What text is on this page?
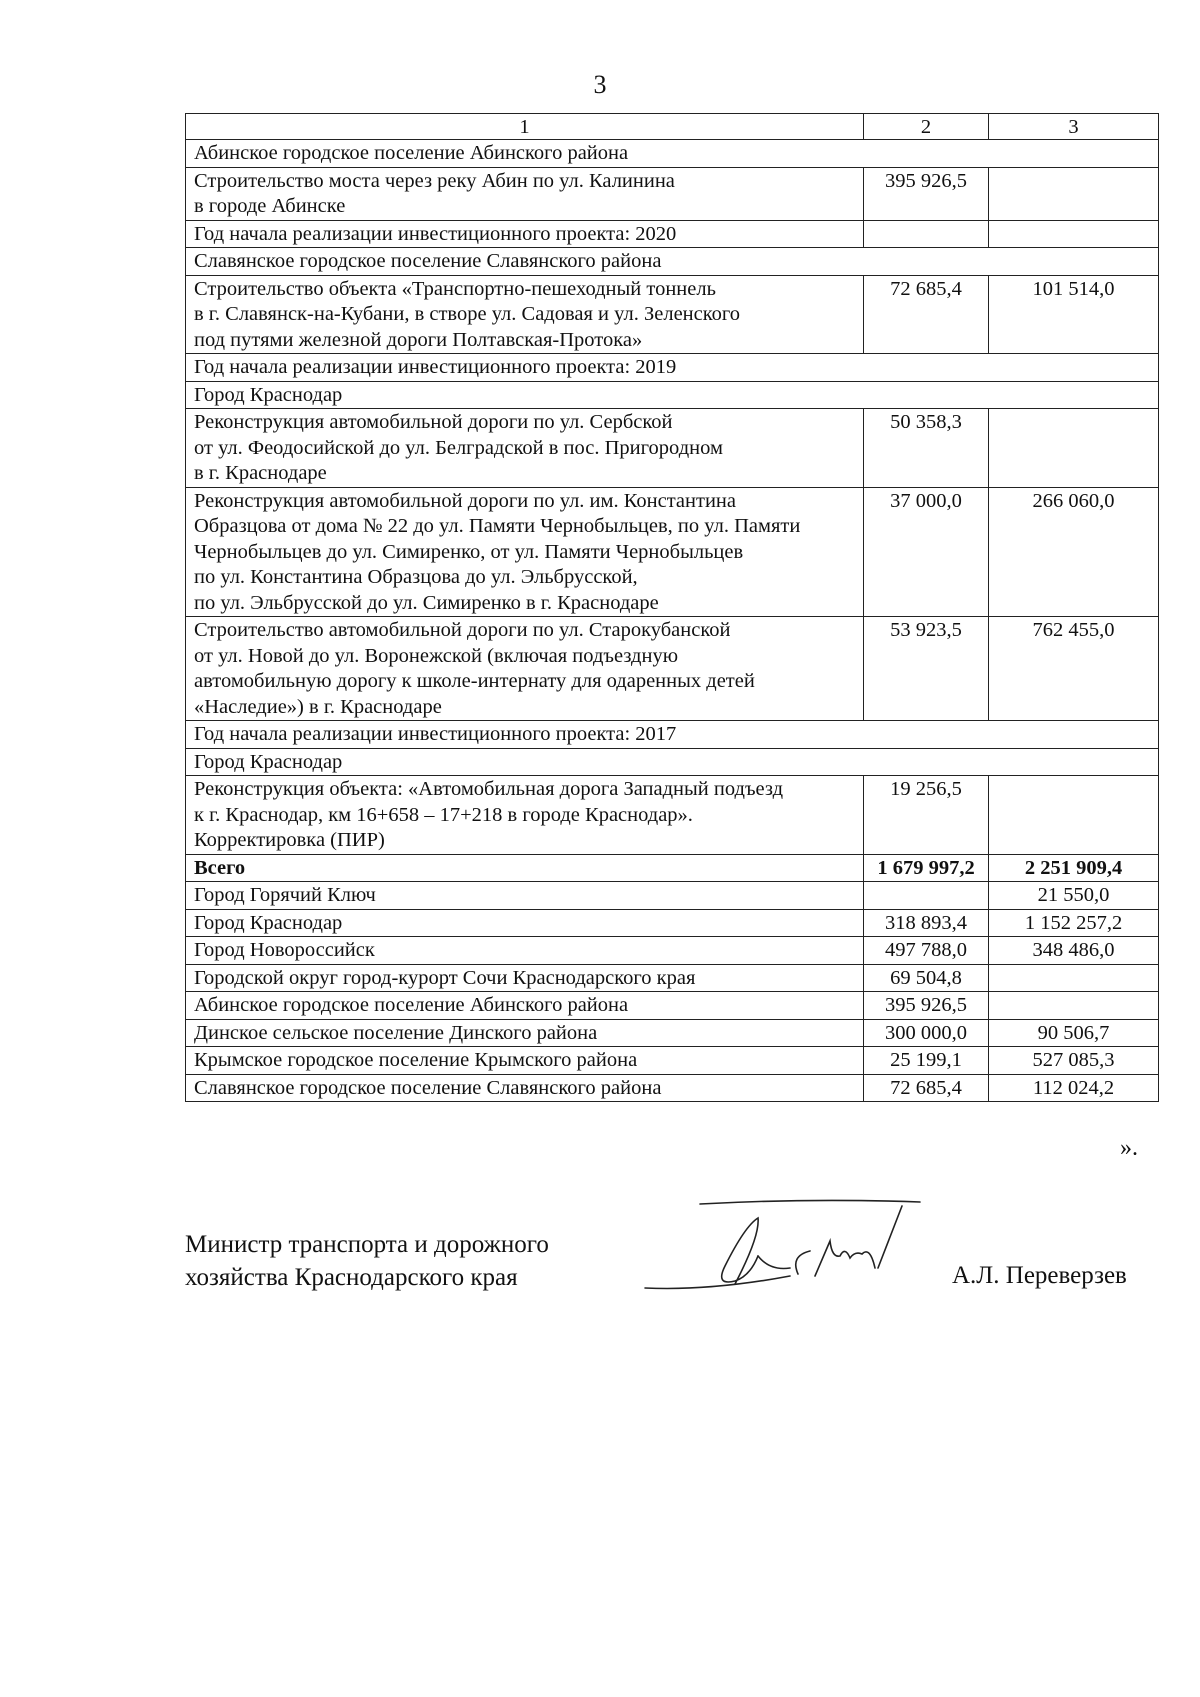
3
1	2	3
Абинское городское поселение Абинского района		
Строительство моста через реку Абин по ул. Калинина
в городе Абинске	395 926,5	
Год начала реализации инвестиционного проекта: 2020		
Славянское городское поселение Славянского района		
Строительство объекта «Транспортно-пешеходный тоннель
в г. Славянск-на-Кубани, в створе ул. Садовая и ул. Зеленского
под путями железной дороги Полтавская-Протока»	72 685,4	101 514,0
Год начала реализации инвестиционного проекта: 2019		
Город Краснодар		
Реконструкция автомобильной дороги по ул. Сербской
от ул. Феодосийской до ул. Белградской в пос. Пригородном
в г. Краснодаре	50 358,3	
Реконструкция автомобильной дороги по ул. им. Константина
Образцова от дома № 22 до ул. Памяти Чернобыльцев, по ул. Памяти
Чернобыльцев до ул. Симиренко, от ул. Памяти Чернобыльцев
по ул. Константина Образцова до ул. Эльбрусской,
по ул. Эльбрусской до ул. Симиренко в г. Краснодаре	37 000,0	266 060,0
Строительство автомобильной дороги по ул. Старокубанской
от ул. Новой до ул. Воронежской (включая подъездную
автомобильную дорогу к школе-интернату для одаренных детей
«Наследие») в г. Краснодаре	53 923,5	762 455,0
Год начала реализации инвестиционного проекта: 2017		
Город Краснодар		
Реконструкция объекта: «Автомобильная дорога Западный подъезд
к г. Краснодар, км 16+658 – 17+218 в городе Краснодар».
Корректировка (ПИР)	19 256,5	
Всего	1 679 997,2	2 251 909,4
Город Горячий Ключ		21 550,0
Город Краснодар	318 893,4	1 152 257,2
Город Новороссийск	497 788,0	348 486,0
Городской округ город-курорт Сочи Краснодарского края	69 504,8	
Абинское городское поселение Абинского района	395 926,5	
Динское сельское поселение Динского района	300 000,0	90 506,7
Крымское городское поселение Крымского района	25 199,1	527 085,3
Славянское городское поселение Славянского района	72 685,4	112 024,2
».
Министр транспорта и дорожного
хозяйства Краснодарского края	А.Л. Переверзев
